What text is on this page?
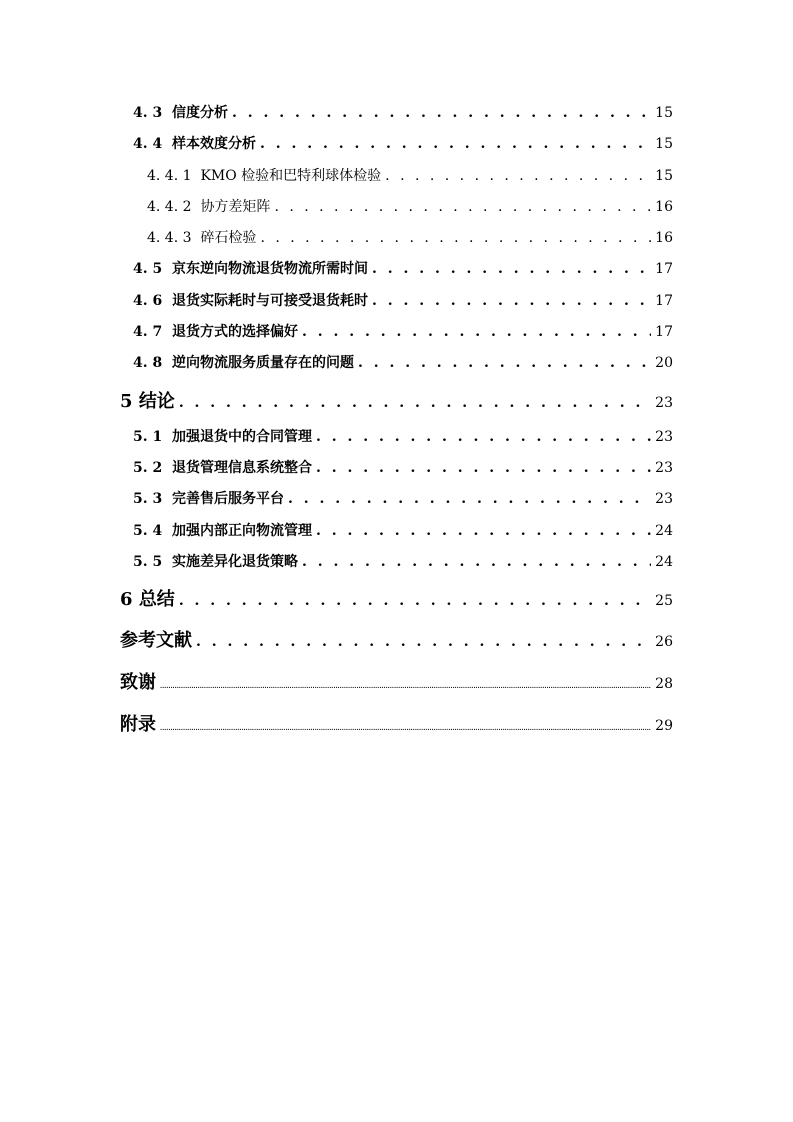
4. 3 信度分析 . . .	15
4. 4 样本效度分析 . . .	15
4. 4. 1 KMO 检验和巴特利球体检验 . . .	15
4. 4. 2 协方差矩阵 . . .	16
4. 4. 3 碎石检验 . . .	16
4. 5 京东逆向物流退货物流所需时间 . . .	17
4. 6 退货实际耗时与可接受退货耗时 . . .	17
4. 7 退货方式的选择偏好 . . .	17
4. 8 逆向物流服务质量存在的问题 . . .	20
5 结论 . . .	23
5. 1 加强退货中的合同管理 . . .	23
5. 2 退货管理信息系统整合 . . .	23
5. 3 完善售后服务平台 . . .	23
5. 4 加强内部正向物流管理 . . .	24
5. 5 实施差异化退货策略 . . .	24
6 总结 . . .	25
参考文献 . . .	26
致谢 .....	28
附录 .....	29
